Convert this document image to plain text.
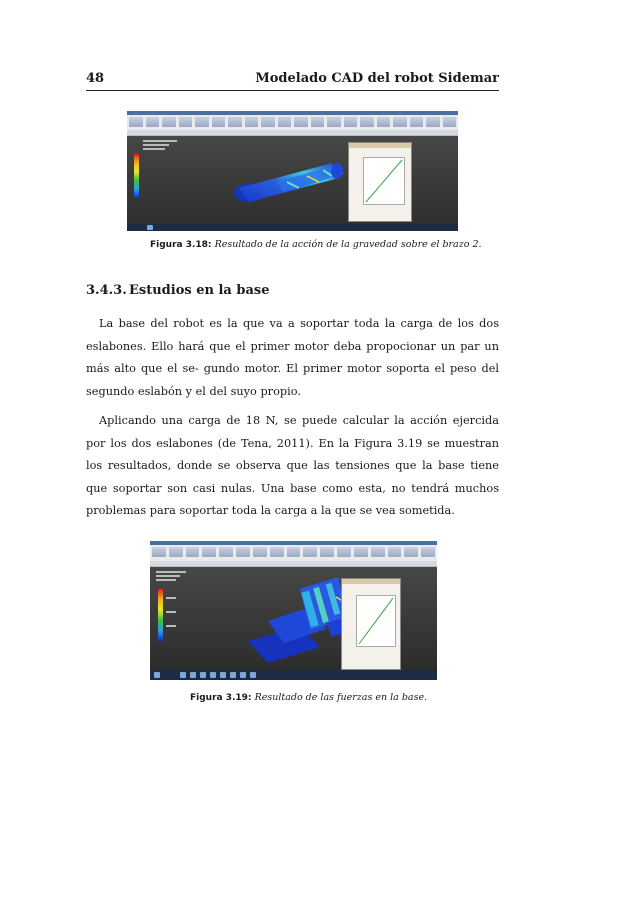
48	Modelado CAD del robot Sidemar
Figura 3.18: Resultado de la acción de la gravedad sobre el brazo 2.
3.4.3. Estudios en la base

La base del robot es la que va a soportar toda la carga de los dos eslabones. Ello hará que el primer motor deba propocionar un par un más alto que el se- gundo motor. El primer motor soporta el peso del segundo eslabón y el del suyo propio.

Aplicando una carga de 18 N, se puede calcular la acción ejercida por los dos eslabones (de Tena, 2011). En la Figura 3.19 se muestran los resultados, donde se observa que las tensiones que la base tiene que soportar son casi nulas. Una base como esta, no tendrá muchos problemas para soportar toda la carga a la que se vea sometida.

Figura 3.19: Resultado de las fuerzas en la base.
